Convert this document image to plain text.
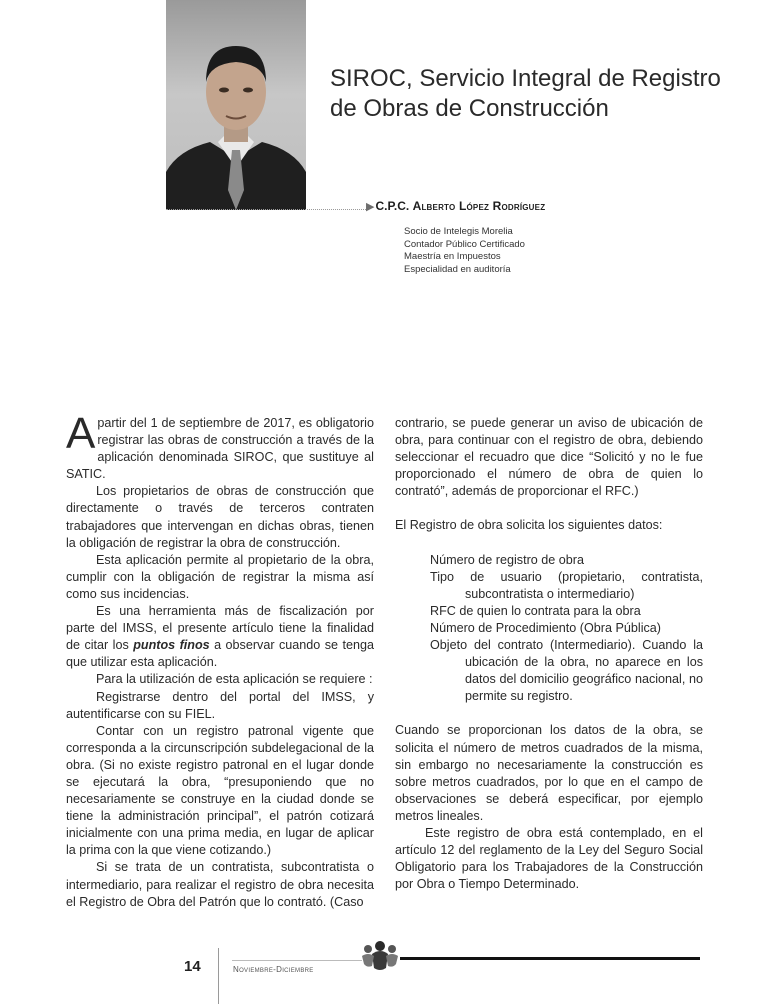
SIROC, Servicio Integral de Registro de Obras de Construcción
▶C.P.C. Alberto López Rodríguez
Socio de Intelegis Morelia
Contador Público Certificado
Maestría en Impuestos
Especialidad en auditoría

Apartir del 1 de septiembre de 2017, es obligatorio registrar las obras de construcción a través de la aplicación denominada SIROC, que sustituye al SATIC.

Los propietarios de obras de construcción que directamente o través de terceros contraten trabajadores que intervengan en dichas obras, tienen la obligación de registrar la obra de construcción.

Esta aplicación permite al propietario de la obra, cumplir con la obligación de registrar la misma así como sus incidencias.

Es una herramienta más de fiscalización por parte del IMSS, el presente artículo tiene la finalidad de citar los puntos finos a observar cuando se tenga que utilizar esta aplicación.

Para la utilización de esta aplicación se requiere :

Registrarse dentro del portal del IMSS, y autentificarse con su FIEL.

Contar con un registro patronal vigente que corresponda a la circunscripción subdelegacional de la obra. (Si no existe registro patronal en el lugar donde se ejecutará la obra, “presuponiendo que no necesariamente se construye en la ciudad donde se tiene la administración principal”, el patrón cotizará inicialmente con una prima media, en lugar de aplicar la prima con la que viene cotizando.)

Si se trata de un contratista, subcontratista o intermediario, para realizar el registro de obra necesita el Registro de Obra del Patrón que lo contrató. (Caso

contrario, se puede generar un aviso de ubicación de obra, para continuar con el registro de obra, debiendo seleccionar el recuadro que dice “Solicitó y no le fue proporcionado el número de obra de quien lo contrató”, además de proporcionar el RFC.)

El Registro de obra solicita los siguientes datos:

Número de registro de obra
Tipo de usuario (propietario, contratista, subcontratista o intermediario)
RFC de quien lo contrata para la obra
Número de Procedimiento (Obra Pública)
Objeto del contrato (Intermediario). Cuando la ubicación de la obra, no aparece en los datos del domicilio geográfico nacional, no permite su registro.

Cuando se proporcionan los datos de la obra, se solicita el número de metros cuadrados de la misma, sin embargo no necesariamente la construcción es sobre metros cuadrados, por lo que en el campo de observaciones se deberá especificar, por ejemplo metros lineales.

Este registro de obra está contemplado, en el artículo 12 del reglamento de la Ley del Seguro Social Obligatorio para los Trabajadores de la Construcción por Obra o Tiempo Determinado.

14	Noviembre-Diciembre
